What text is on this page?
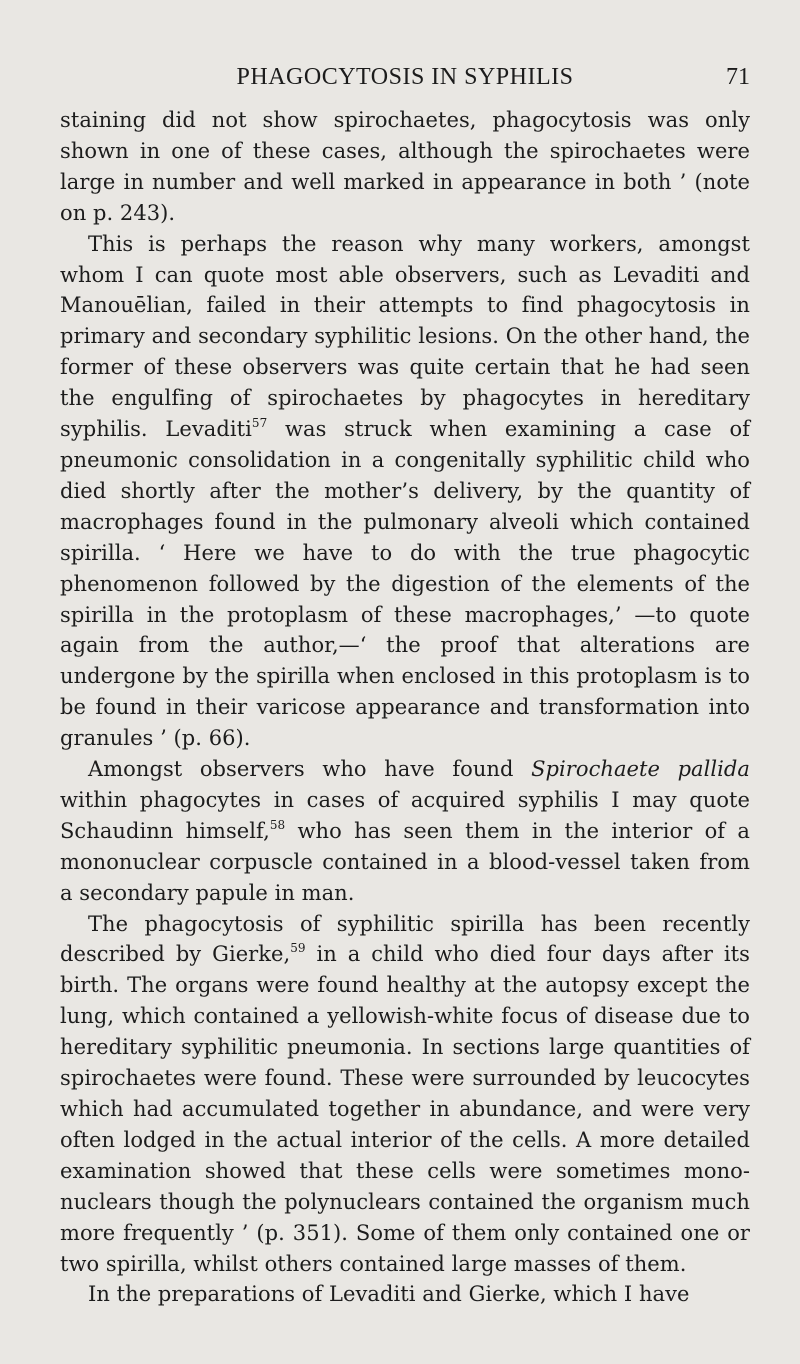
PHAGOCYTOSIS IN SYPHILIS	71

staining did not show spirochaetes, phagocytosis was only shown in one of these cases, although the spirochaetes were large in number and well marked in appearance in both ’ (note on p. 243).

This is perhaps the reason why many workers, amongst whom I can quote most able observers, such as Levaditi and Manouēlian, failed in their attempts to find phagocytosis in primary and secondary syphilitic lesions. On the other hand, the former of these observers was quite certain that he had seen the engulfing of spirochaetes by phagocytes in hereditary syphilis. Levaditi$^{57}$ was struck when examining a case of pneumonic consolidation in a congenitally syphilitic child who died shortly after the mother’s delivery, by the quantity of macrophages found in the pulmonary alveoli which contained spirilla. ‘ Here we have to do with the true phagocytic phenomenon followed by the digestion of the elements of the spirilla in the protoplasm of these macrophages,’ —to quote again from the author,—‘ the proof that alterations are undergone by the spirilla when enclosed in this protoplasm is to be found in their varicose appearance and transformation into granules ’ (p. 66).

Amongst observers who have found Spirochaete pallida within phagocytes in cases of acquired syphilis I may quote Schaudinn himself,$^{58}$ who has seen them in the interior of a mononuclear corpuscle contained in a blood-vessel taken from a secondary papule in man.

The phagocytosis of syphilitic spirilla has been recently described by Gierke,$^{59}$ in a child who died four days after its birth. The organs were found healthy at the autopsy except the lung, which contained a yellowish-white focus of disease due to hereditary syphilitic pneumonia. In sections large quantities of spirochaetes were found. These were surrounded by leucocytes which had accumulated together in abundance, and were very often lodged in the actual interior of the cells. A more detailed examination showed that these cells were sometimes mono-nuclears though the polynuclears contained the organism much more frequently ’ (p. 351). Some of them only contained one or two spirilla, whilst others contained large masses of them.

In the preparations of Levaditi and Gierke, which I have
